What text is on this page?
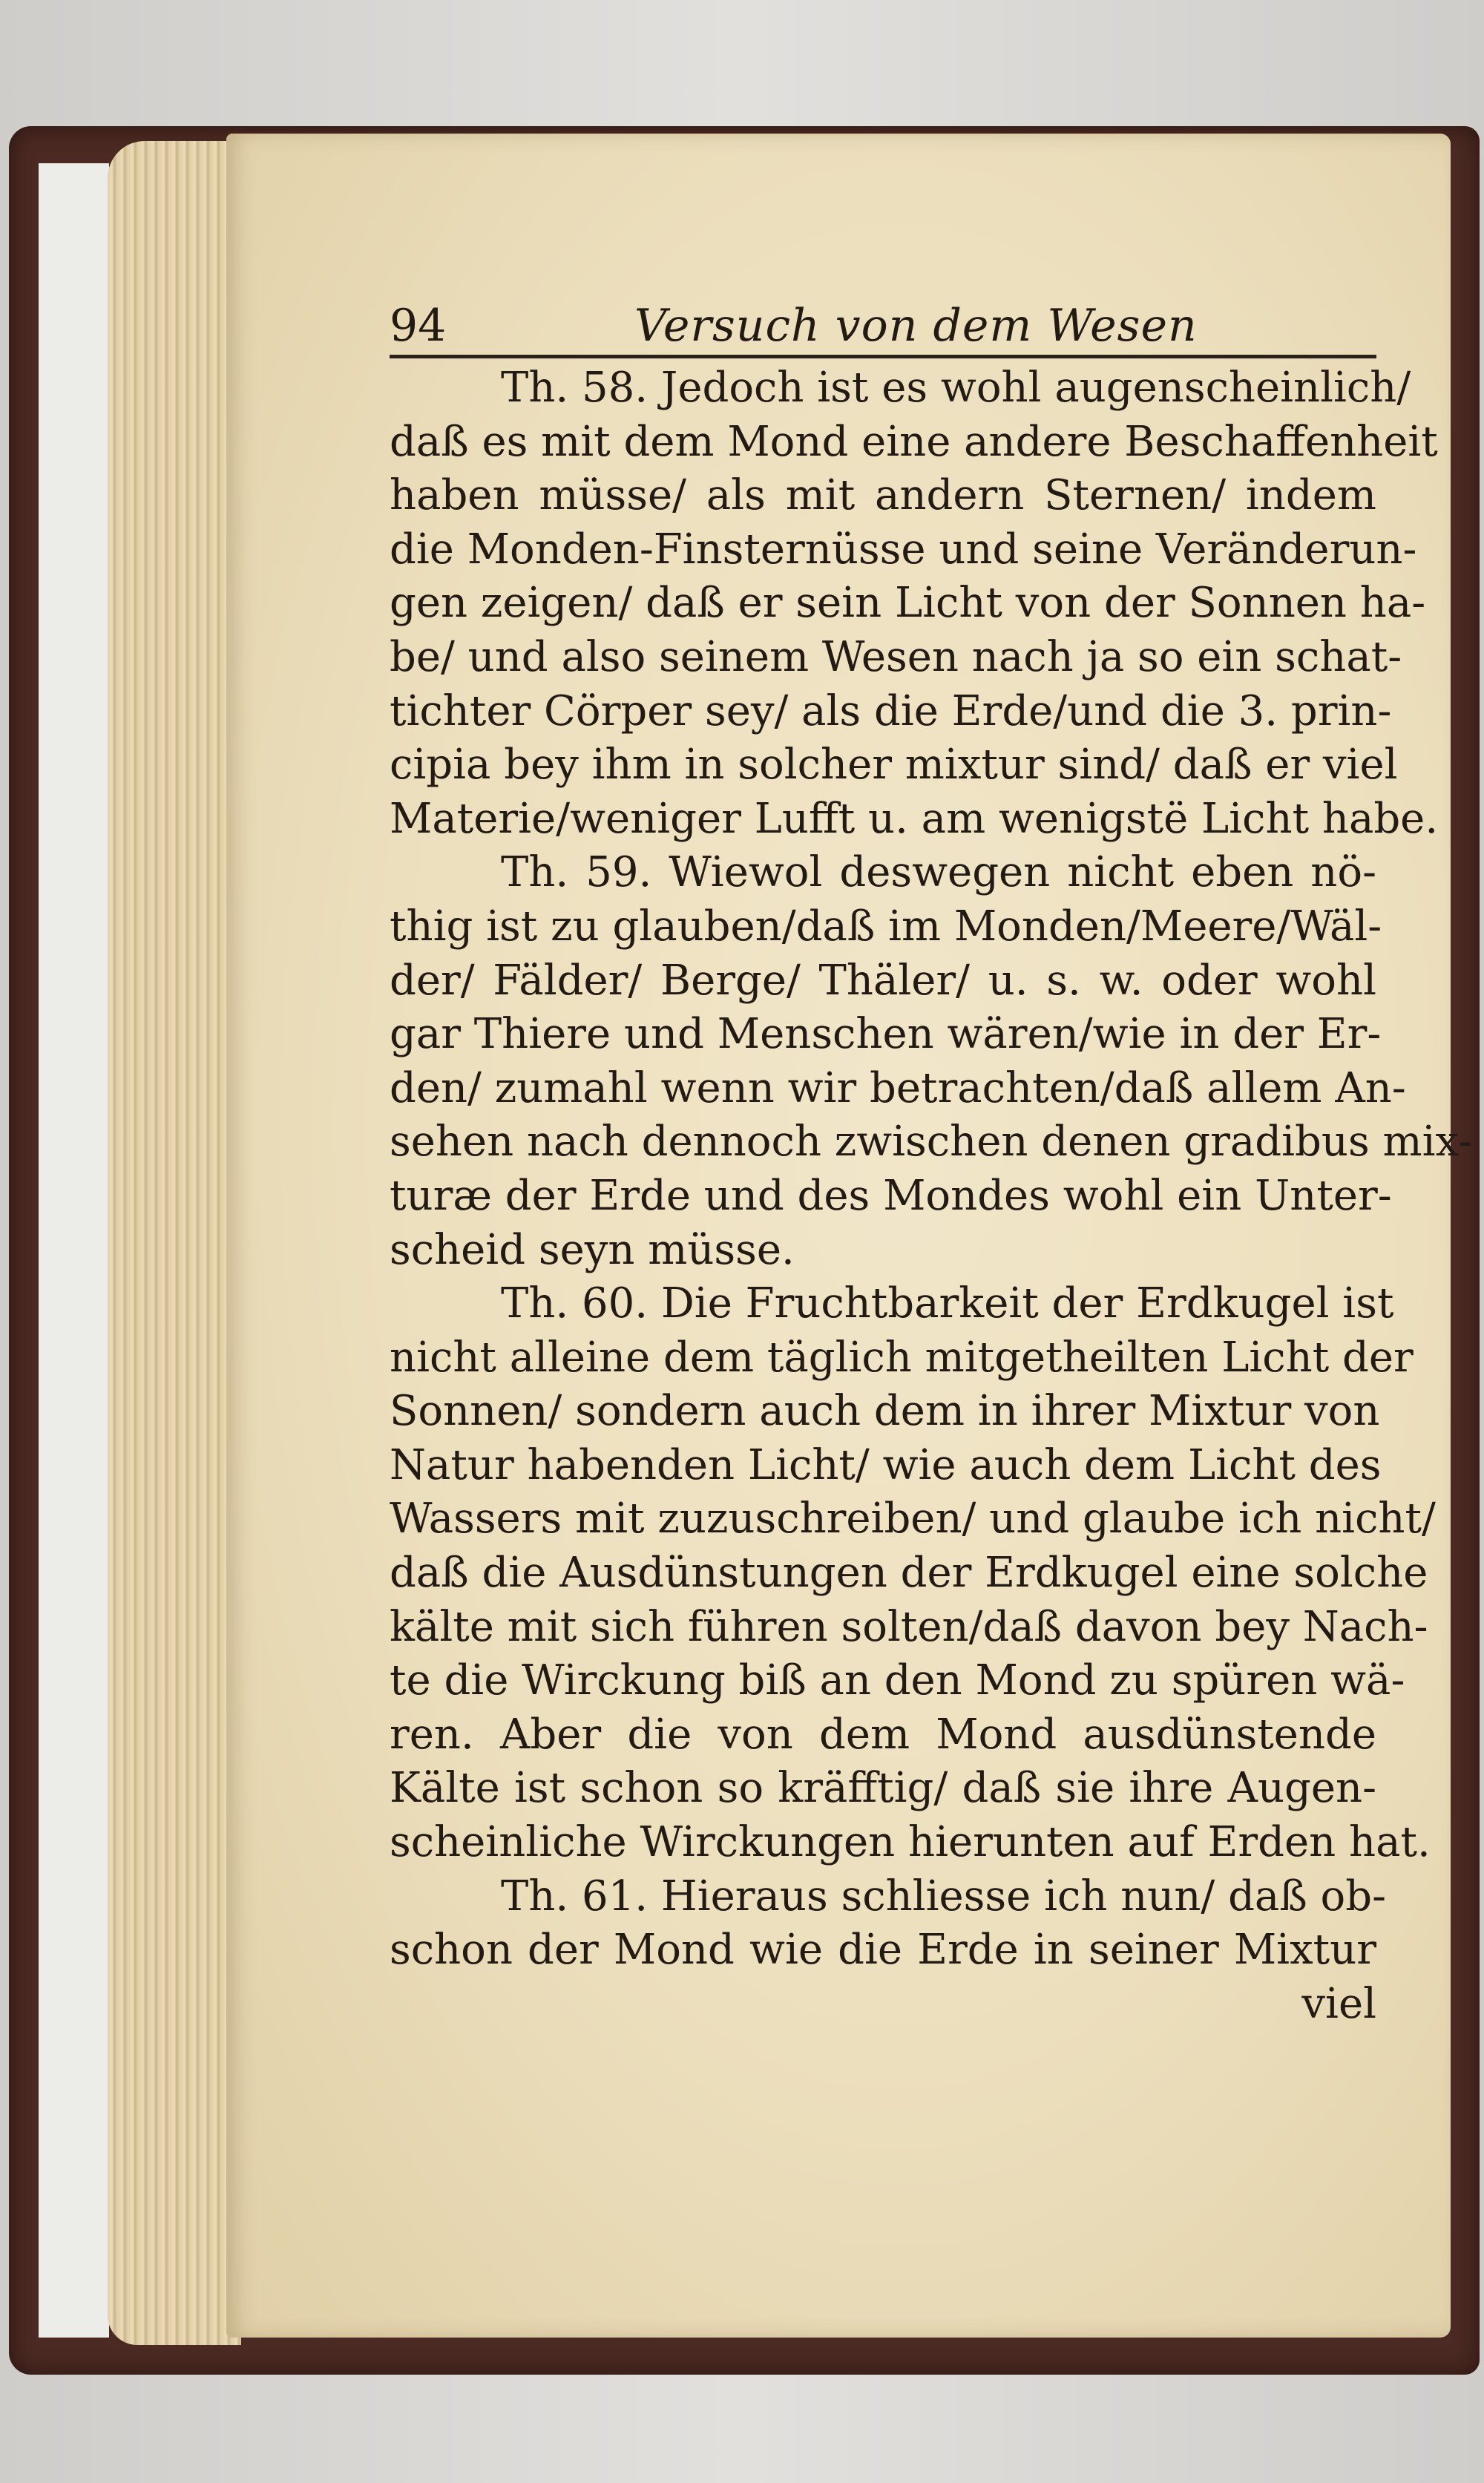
94	Versuch von dem Wesen
Th. 58. Jedoch ist es wohl augenscheinlich/
daß es mit dem Mond eine andere Beschaffenheit
haben müsse/ als mit andern Sternen/ indem
die Monden-Finsternüsse und seine Veränderun-
gen zeigen/ daß er sein Licht von der Sonnen ha-
be/ und also seinem Wesen nach ja so ein schat-
tichter Cörper sey/ als die Erde/und die 3. prin-
cipia bey ihm in solcher mixtur sind/ daß er viel
Materie/weniger Lufft u. am wenigstë Licht habe.
Th. 59. Wiewol deswegen nicht eben nö-
thig ist zu glauben/daß im Monden/Meere/Wäl-
der/ Fälder/ Berge/ Thäler/ u. s. w. oder wohl
gar Thiere und Menschen wären/wie in der Er-
den/ zumahl wenn wir betrachten/daß allem An-
sehen nach dennoch zwischen denen gradibus mix-
turæ der Erde und des Mondes wohl ein Unter-
scheid seyn müsse.
Th. 60. Die Fruchtbarkeit der Erdkugel ist
nicht alleine dem täglich mitgetheilten Licht der
Sonnen/ sondern auch dem in ihrer Mixtur von
Natur habenden Licht/ wie auch dem Licht des
Wassers mit zuzuschreiben/ und glaube ich nicht/
daß die Ausdünstungen der Erdkugel eine solche
kälte mit sich führen solten/daß davon bey Nach-
te die Wirckung biß an den Mond zu spüren wä-
ren. Aber die von dem Mond ausdünstende
Kälte ist schon so kräfftig/ daß sie ihre Augen-
scheinliche Wirckungen hierunten auf Erden hat.
Th. 61. Hieraus schliesse ich nun/ daß ob-
schon der Mond wie die Erde in seiner Mixtur
viel
